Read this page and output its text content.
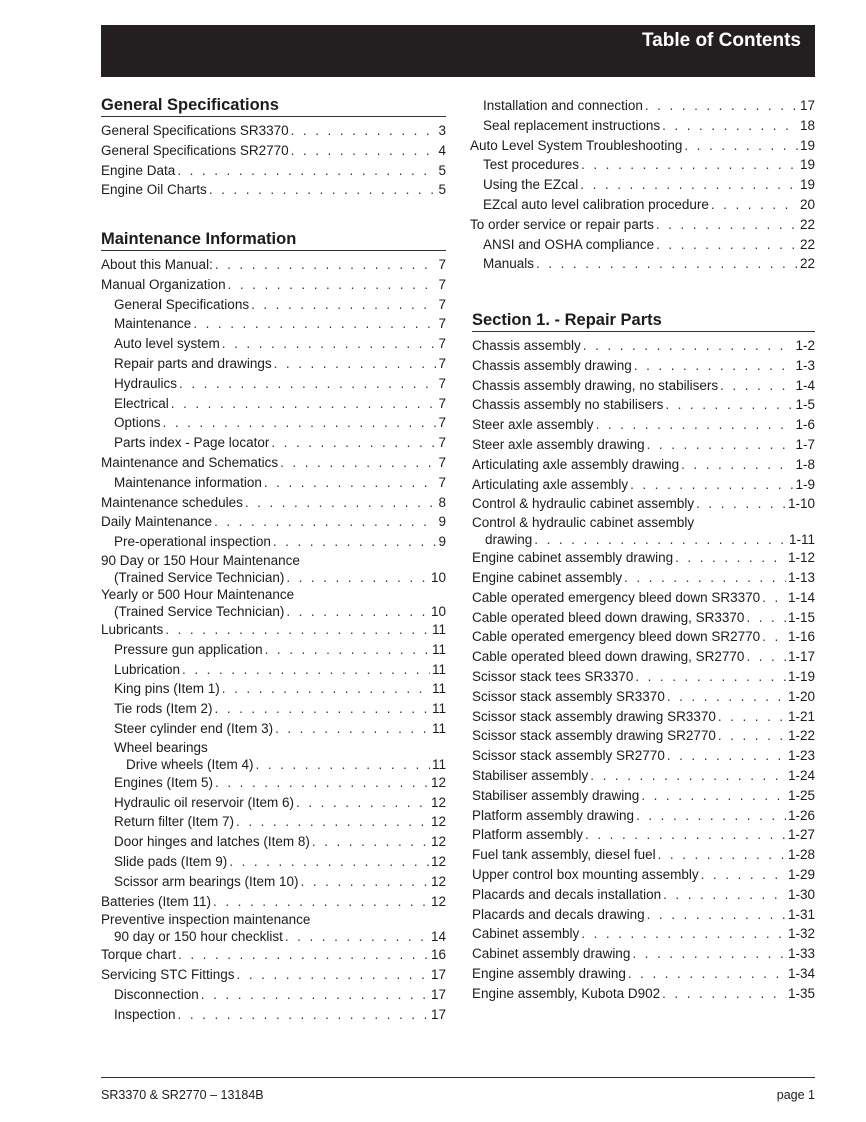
Table of Contents
General Specifications
General Specifications SR3370 . . .	3
General Specifications SR2770 . . .	4
Engine Data . . .	5
Engine Oil Charts . . .	5
Maintenance Information
About this Manual: . . .	7
Manual Organization . . .	7
General Specifications . . .	7
Maintenance . . .	7
Auto level system . . .	7
Repair parts and drawings . . .	7
Hydraulics . . .	7
Electrical . . .	7
Options . . .	7
Parts index - Page locator . . .	7
Maintenance and Schematics . . .	7
Maintenance information . . .	7
Maintenance schedules . . .	8
Daily Maintenance . . .	9
Pre-operational inspection . . .	9
90 Day or 150 Hour Maintenance
(Trained Service Technician) . . .	10
Yearly or 500 Hour Maintenance
(Trained Service Technician) . . .	10
Lubricants . . .	11
Pressure gun application . . .	11
Lubrication . . .	11
King pins (Item 1) . . .	11
Tie rods (Item 2) . . .	11
Steer cylinder end (Item 3) . . .	11
Wheel bearings
Drive wheels (Item 4) . . .	11
Engines (Item 5) . . .	12
Hydraulic oil reservoir (Item 6) . . .	12
Return filter (Item 7) . . .	12
Door hinges and latches (Item 8) . . .	12
Slide pads (Item 9) . . .	12
Scissor arm bearings (Item 10) . . .	12
Batteries (Item 11) . . .	12
Preventive inspection maintenance
90 day or 150 hour checklist . . .	14
Torque chart . . .	16
Servicing STC Fittings . . .	17
Disconnection . . .	17
Inspection . . .	17
Installation and connection . . .	17
Seal replacement instructions . . .	18
Auto Level System Troubleshooting . . .	19
Test procedures . . .	19
Using the EZcal . . .	19
EZcal auto level calibration procedure . . .	20
To order service or repair parts . . .	22
ANSI and OSHA compliance . . .	22
Manuals . . .	22
Section 1. - Repair Parts
Chassis assembly . . .	1-2
Chassis assembly drawing . . .	1-3
Chassis assembly drawing, no stabilisers . . .	1-4
Chassis assembly no stabilisers . . .	1-5
Steer axle assembly . . .	1-6
Steer axle assembly drawing . . .	1-7
Articulating axle assembly drawing . . .	1-8
Articulating axle assembly . . .	1-9
Control & hydraulic cabinet assembly . . .	1-10
Control & hydraulic cabinet assembly
drawing . . .	1-11
Engine cabinet assembly drawing . . .	1-12
Engine cabinet assembly . . .	1-13
Cable operated emergency bleed down SR3370 . . . 1-14
Cable operated bleed down drawing, SR3370 . . .	1-15
Cable operated emergency bleed down SR2770 . . . 1-16
Cable operated bleed down drawing, SR2770 . . .	1-17
Scissor stack tees SR3370 . . .	1-19
Scissor stack assembly SR3370 . . .	1-20
Scissor stack assembly drawing SR3370 . . .	1-21
Scissor stack assembly drawing SR2770 . . .	1-22
Scissor stack assembly SR2770 . . .	1-23
Stabiliser assembly . . .	1-24
Stabiliser assembly drawing . . .	1-25
Platform assembly drawing . . .	1-26
Platform assembly . . .	1-27
Fuel tank assembly, diesel fuel . . .	1-28
Upper control box mounting assembly . . .	1-29
Placards and decals installation . . .	1-30
Placards and decals drawing . . .	1-31
Cabinet assembly . . .	1-32
Cabinet assembly drawing . . .	1-33
Engine assembly drawing . . .	1-34
Engine assembly, Kubota D902 . . .	1-35
SR3370 & SR2770 – 13184B	page 1
